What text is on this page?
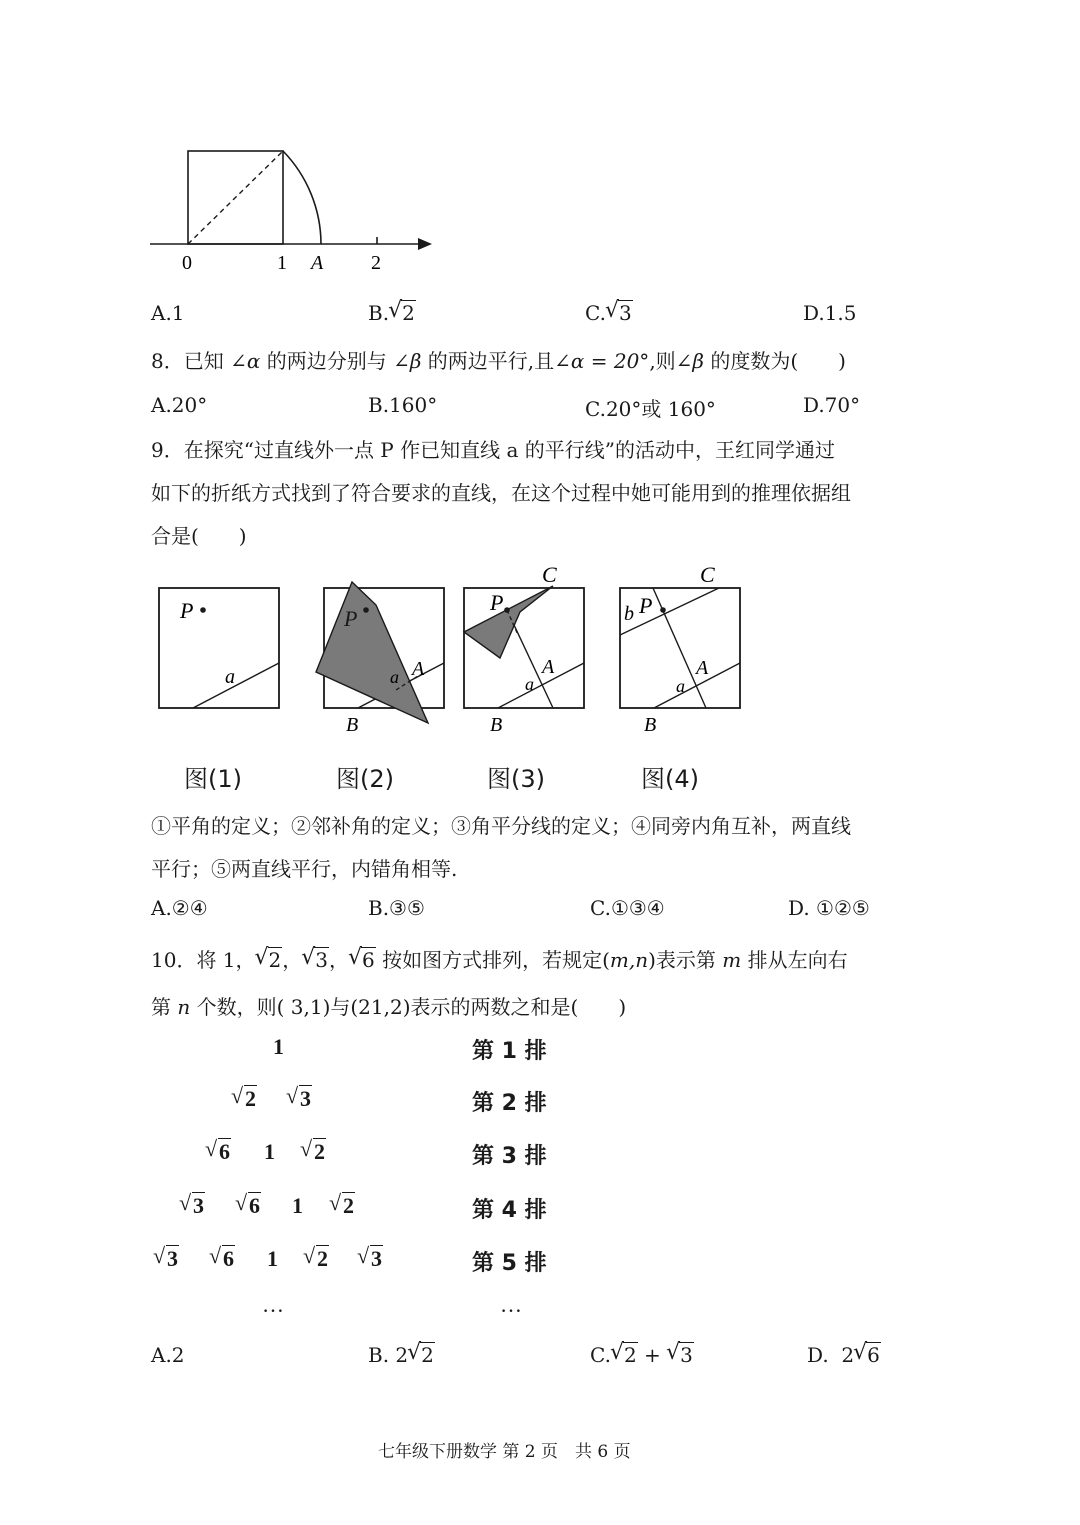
0	1 A 2
A.1	B. √ 2	C. √ 3	D.1.5
8．已知 ∠α 的两边分别与 ∠β 的两边平行,且∠α = 20°,则∠β 的度数为(　　)
A.20°	B.160°	C.20°或 160°	D.70°
9．在探究“过直线外一点 P 作已知直线 a 的平行线”的活动中，王红同学通过
如下的折纸方式找到了符合要求的直线，在这个过程中她可能用到的推理依据组
合是(　　)
P
a
P
a A
B
P
C
a
A
B
b P
C
a
A
B
图(1)	图(2)	图(3)	图(4)
①平角的定义；②邻补角的定义；③角平分线的定义；④同旁内角互补，两直线
平行；⑤两直线平行，内错角相等.
A.②④	B.③⑤	C.①③④	D. ①②⑤
10．将 1， √ 2， √ 3， √ 6 按如图方式排列，若规定(m,n)表示第 m 排从左向右
第 n 个数，则( 3,1)与(21,2)表示的两数之和是(　　)
1
√ 2	√ 3
√ 6 1	√ 2
√ 3	√ 6 1	√ 2
√ 3	√ 6 1	√ 2	√ 3
…
第 1 排
第 2 排
第 3 排
第 4 排
第 5 排
…
A.2	B. 2 √ 2	C. √ 2 + √ 3	D.  2 √ 6
七年级下册数学 第 2 页　共 6 页
